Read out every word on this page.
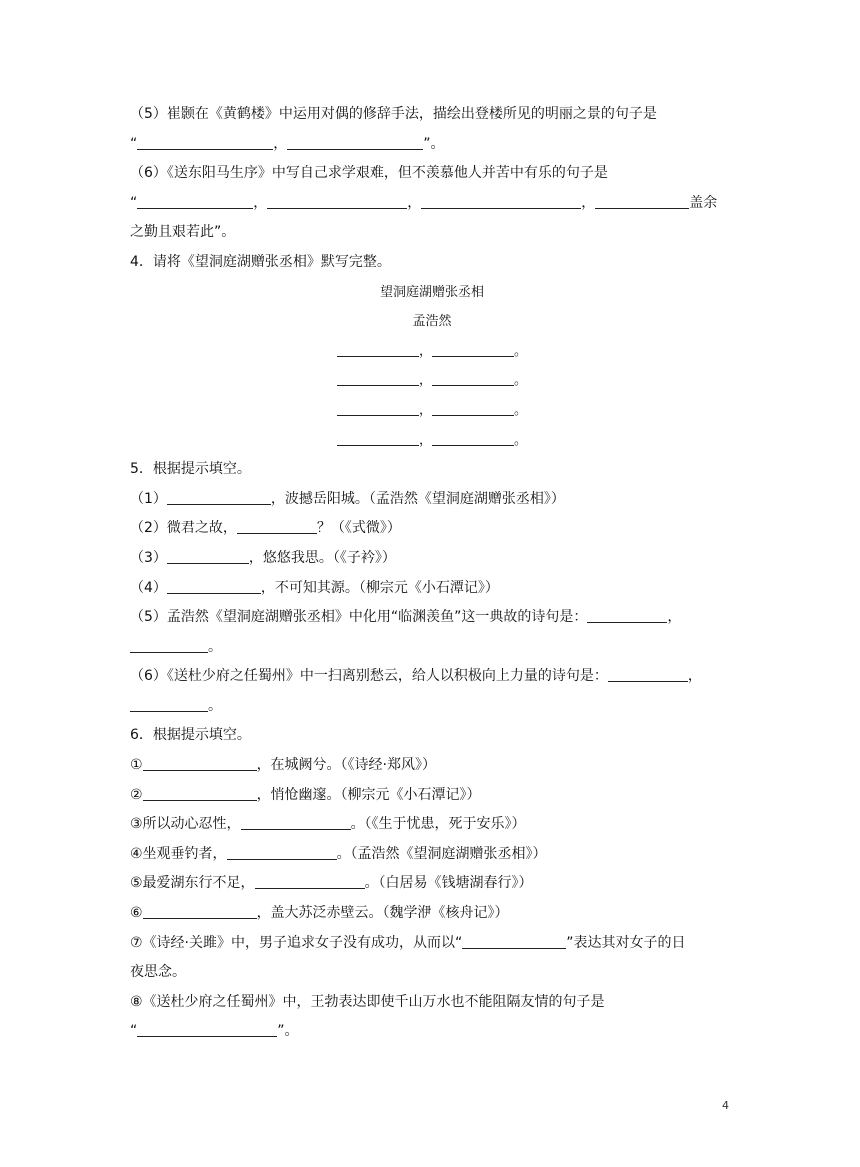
（5）崔颢在《黄鹤楼》中运用对偶的修辞手法，描绘出登楼所见的明丽之景的句子是
“	，	”。
（6）《送东阳马生序》中写自己求学艰难，但不羡慕他人并苦中有乐的句子是
“	，	，	，	盖余
之勤且艰若此”。
4．请将《望洞庭湖赠张丞相》默写完整。
望洞庭湖赠张丞相
孟浩然
，	。
，	。
，	。
，	。
5．根据提示填空。
（1）	，波撼岳阳城。（孟浩然《望洞庭湖赠张丞相》）
（2）微君之故，	？（《式微》）
（3）	，悠悠我思。（《子衿》）
（4）	，不可知其源。（柳宗元《小石潭记》）
（5）孟浩然《望洞庭湖赠张丞相》中化用“临渊羡鱼”这一典故的诗句是：	，
。
（6）《送杜少府之任蜀州》中一扫离别愁云，给人以积极向上力量的诗句是：	，
。
6．根据提示填空。
①	，在城阙兮。（《诗经·郑风》）
②	，悄怆幽邃。（柳宗元《小石潭记》）
③所以动心忍性，	。（《生于忧患，死于安乐》）
④坐观垂钓者，	。（孟浩然《望洞庭湖赠张丞相》）
⑤最爱湖东行不足，	。（白居易《钱塘湖春行》）
⑥	，盖大苏泛赤壁云。（魏学洢《核舟记》）
⑦《诗经·关雎》中，男子追求女子没有成功，从而以“	”表达其对女子的日
夜思念。
⑧《送杜少府之任蜀州》中，王勃表达即使千山万水也不能阻隔友情的句子是
“	”。
4
